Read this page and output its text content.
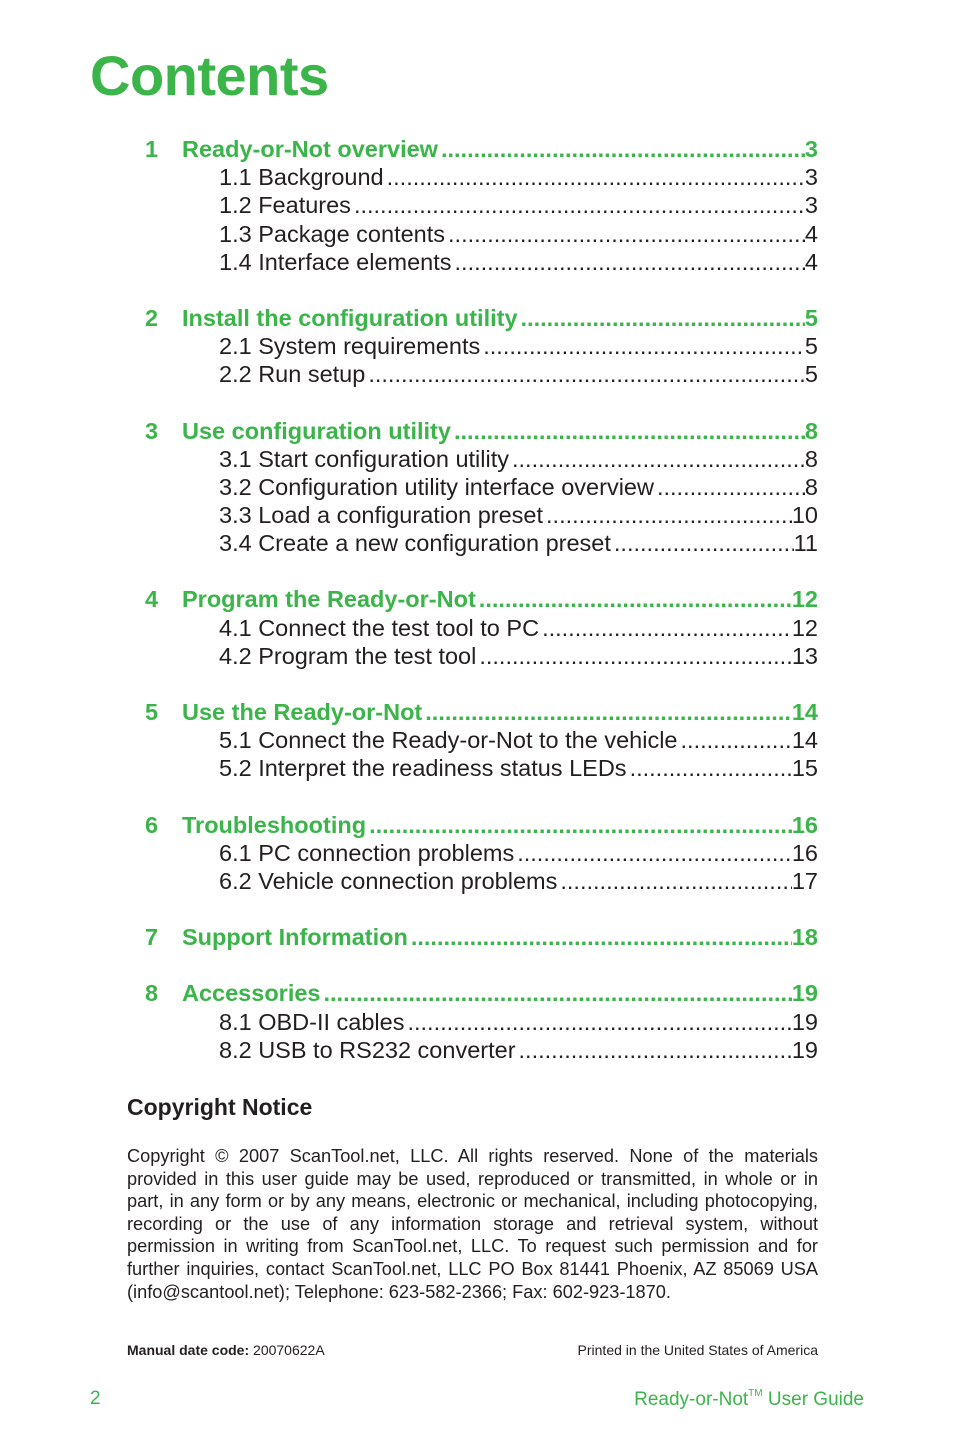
Contents
1	Ready-or-Not overview .....	3
1.1 Background .....	3
1.2 Features .....	3
1.3 Package contents .....	4
1.4 Interface elements .....	4
2	Install the configuration utility .....	5
2.1 System requirements .....	5
2.2 Run setup .....	5
3	Use configuration utility .....	8
3.1 Start configuration utility .....	8
3.2 Configuration utility interface overview .....	8
3.3 Load a configuration preset .....	10
3.4 Create a new configuration preset .....	11
4	Program the Ready-or-Not .....	12
4.1 Connect the test tool to PC .....	12
4.2 Program the test tool .....	13
5	Use the Ready-or-Not .....	14
5.1 Connect the Ready-or-Not to the vehicle .....	14
5.2 Interpret the readiness status LEDs .....	15
6	Troubleshooting .....	16
6.1 PC connection problems .....	16
6.2 Vehicle connection problems .....	17
7	Support Information .....	18
8	Accessories .....	19
8.1 OBD-II cables .....	19
8.2 USB to RS232 converter .....	19
Copyright Notice

Copyright © 2007 ScanTool.net, LLC. All rights reserved. None of the materials provided in this user guide may be used, reproduced or transmitted, in whole or in part, in any form or by any means, electronic or mechanical, including photocopying, recording or the use of any information storage and retrieval system, without permission in writing from ScanTool.net, LLC. To request such permission and for further inquiries, contact ScanTool.net, LLC PO Box 81441 Phoenix, AZ 85069 USA (info@scantool.net); Telephone: 623-582-2366; Fax: 602-923-1870.

Manual date code: 20070622A	Printed in the United States of America
2	Ready-or-Not™ User Guide
